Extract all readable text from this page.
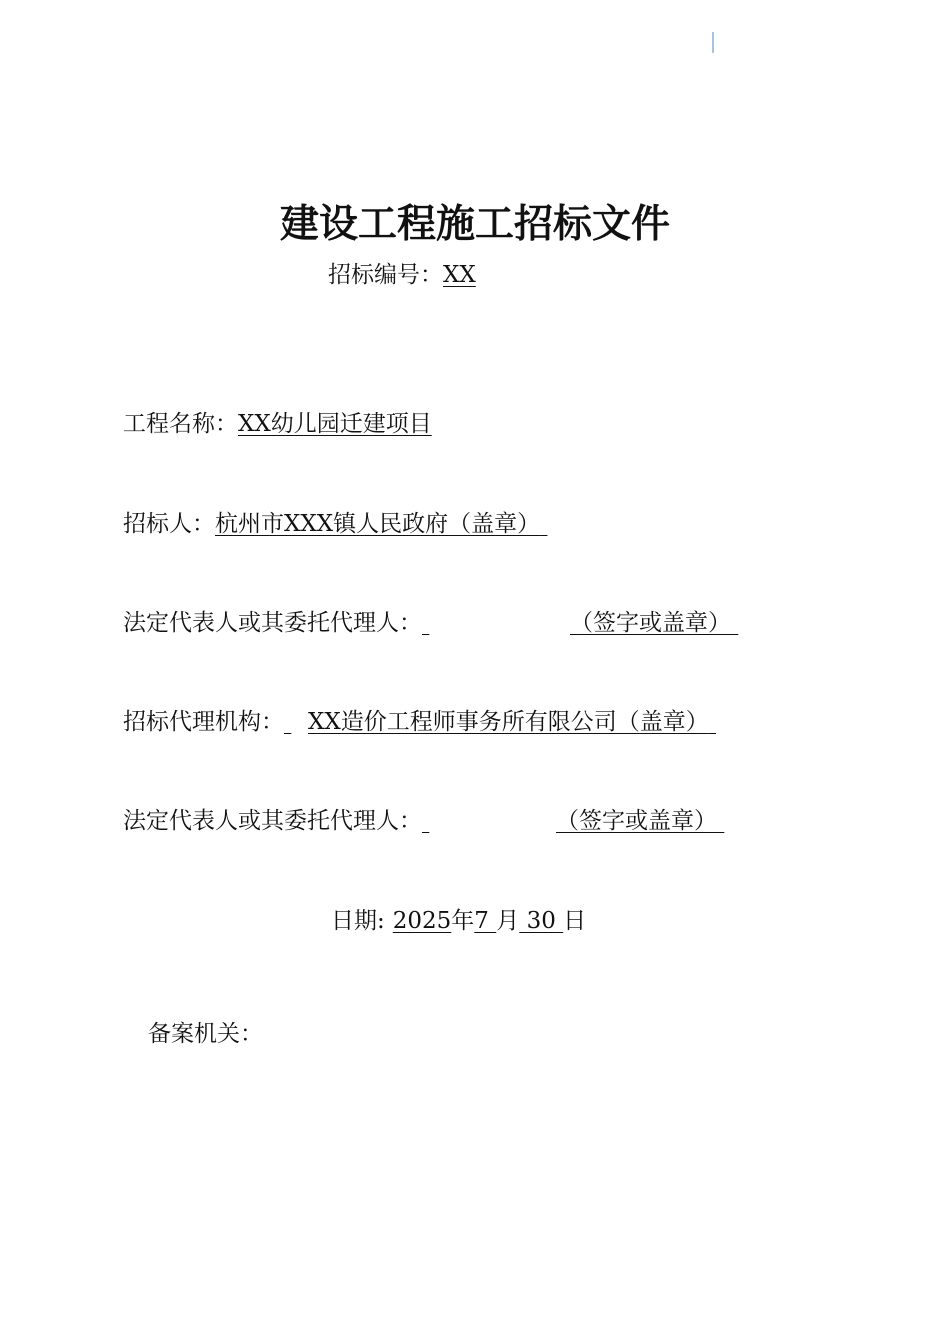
建设工程施工招标文件
招标编号：XX
工程名称：XX幼儿园迁建项目
招标人：杭州市XXX镇人民政府（盖章）
法定代表人或其委托代理人：	（签字或盖章）
招标代理机构： XX造价工程师事务所有限公司（盖章）
法定代表人或其委托代理人：	（签字或盖章）
日期: 2025年7 月 30 日
备案机关：
